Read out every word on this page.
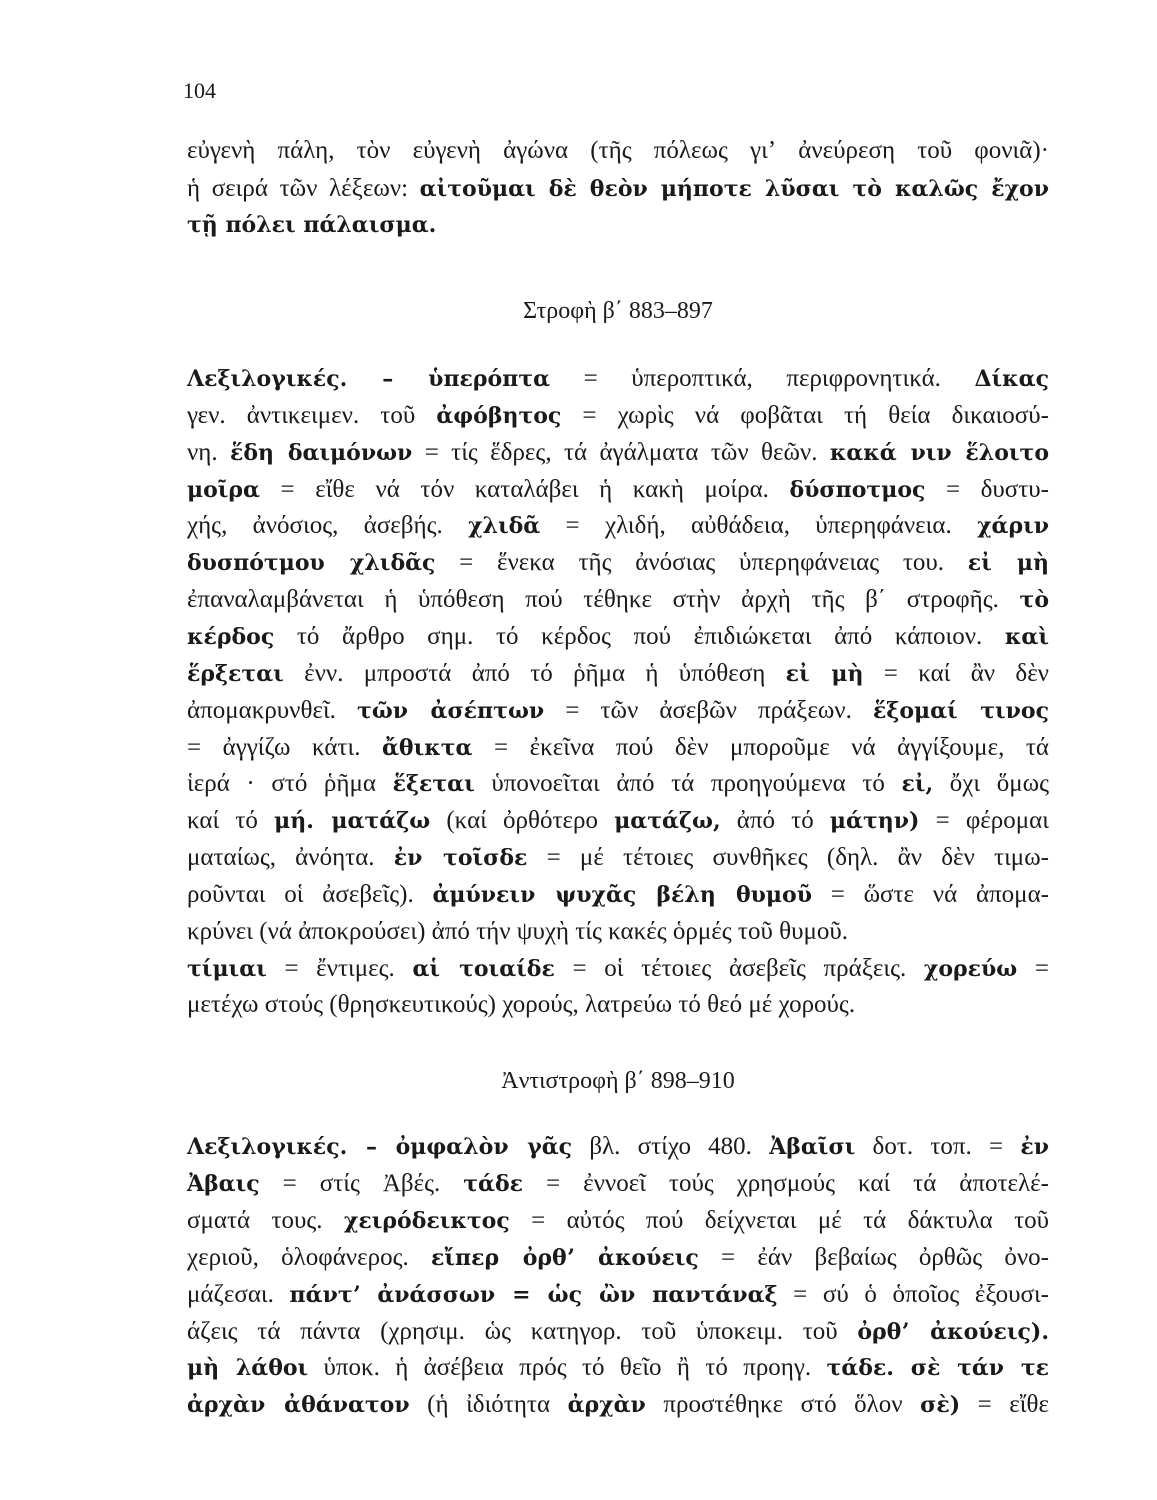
104
εὐγενὴ πάλη, τὸν εὐγενὴ ἀγώνα (τῆς πόλεως γιʼ ἀνεύρεση τοῦ φονιᾶ)·
ἡ σειρά τῶν λέξεων: αἰτοῦμαι δὲ θεὸν μήποτε λῦσαι τὸ καλῶς ἔχον
τῇ πόλει πάλαισμα.
Στροφὴ β΄ 883–897
Λεξιλογικές. – ὑπερόπτα = ὑπεροπτικά, περιφρονητικά. Δίκας
γεν. ἀντικειμεν. τοῦ ἀφόβητος = χωρὶς νά φοβᾶται τή θεία δικαιοσύ-
νη. ἕδη δαιμόνων = τίς ἕδρες, τά ἀγάλματα τῶν θεῶν. κακά νιν ἕλοιτο
μοῖρα = εἴθε νά τόν καταλάβει ἡ κακὴ μοίρα. δύσποτμος = δυστυ-
χής, ἀνόσιος, ἀσεβής. χλιδᾶ = χλιδή, αὐθάδεια, ὑπερηφάνεια. χάριν
δυσπότμου χλιδᾶς = ἕνεκα τῆς ἀνόσιας ὑπερηφάνειας του. εἰ μὴ
ἐπαναλαμβάνεται ἡ ὑπόθεση πού τέθηκε στὴν ἀρχὴ τῆς β΄ στροφῆς. τὸ
κέρδος τό ἄρθρο σημ. τό κέρδος πού ἐπιδιώκεται ἀπό κάποιον. καὶ
ἕρξεται ἐνν. μπροστά ἀπό τό ῥῆμα ἡ ὑπόθεση εἰ μὴ = καί ἂν δὲν
ἀπομακρυνθεῖ. τῶν ἀσέπτων = τῶν ἀσεβῶν πράξεων. ἕξομαί τινος
= ἀγγίζω κάτι. ἄθικτα = ἐκεῖνα πού δὲν μποροῦμε νά ἀγγίξουμε, τά
ἱερά · στό ῥῆμα ἕξεται ὑπονοεῖται ἀπό τά προηγούμενα τό εἰ, ὄχι ὅμως
καί τό μή. ματάζω (καί ὀρθότερο ματάζω, ἀπό τό μάτην) = φέρομαι
ματαίως, ἀνόητα. ἐν τοῖσδε = μέ τέτοιες συνθῆκες (δηλ. ἂν δὲν τιμω-
ροῦνται οἱ ἀσεβεῖς). ἀμύνειν ψυχᾶς βέλη θυμοῦ = ὥστε νά ἀπομα-
κρύνει (νά ἀποκρούσει) ἀπό τήν ψυχὴ τίς κακές ὁρμές τοῦ θυμοῦ.
τίμιαι = ἔντιμες. αἱ τοιαίδε = οἱ τέτοιες ἀσεβεῖς πράξεις. χορεύω =
μετέχω στούς (θρησκευτικούς) χορούς, λατρεύω τό θεό μέ χορούς.
Ἀντιστροφὴ β΄ 898–910
Λεξιλογικές. – ὀμφαλὸν γᾶς βλ. στίχο 480. Ἀβαῖσι δοτ. τοπ. = ἐν
Ἀβαις = στίς Ἀβές. τάδε = ἐννοεῖ τούς χρησμούς καί τά ἀποτελέ-
σματά τους. χειρόδεικτος = αὐτός πού δείχνεται μέ τά δάκτυλα τοῦ
χεριοῦ, ὁλοφάνερος. εἴπερ ὀρθʼ ἀκούεις = ἐάν βεβαίως ὀρθῶς ὀνο-
μάζεσαι. πάντʼ ἀνάσσων = ὡς ὢν παντάναξ = σύ ὁ ὁποῖος ἐξουσι-
άζεις τά πάντα (χρησιμ. ὡς κατηγορ. τοῦ ὑποκειμ. τοῦ ὀρθʼ ἀκούεις).
μὴ λάθοι ὑποκ. ἡ ἀσέβεια πρός τό θεῖο ἢ τό προηγ. τάδε. σὲ τάν τε
ἀρχὰν ἀθάνατον (ἡ ἰδιότητα ἀρχὰν προστέθηκε στό ὅλον σὲ) = εἴθε
